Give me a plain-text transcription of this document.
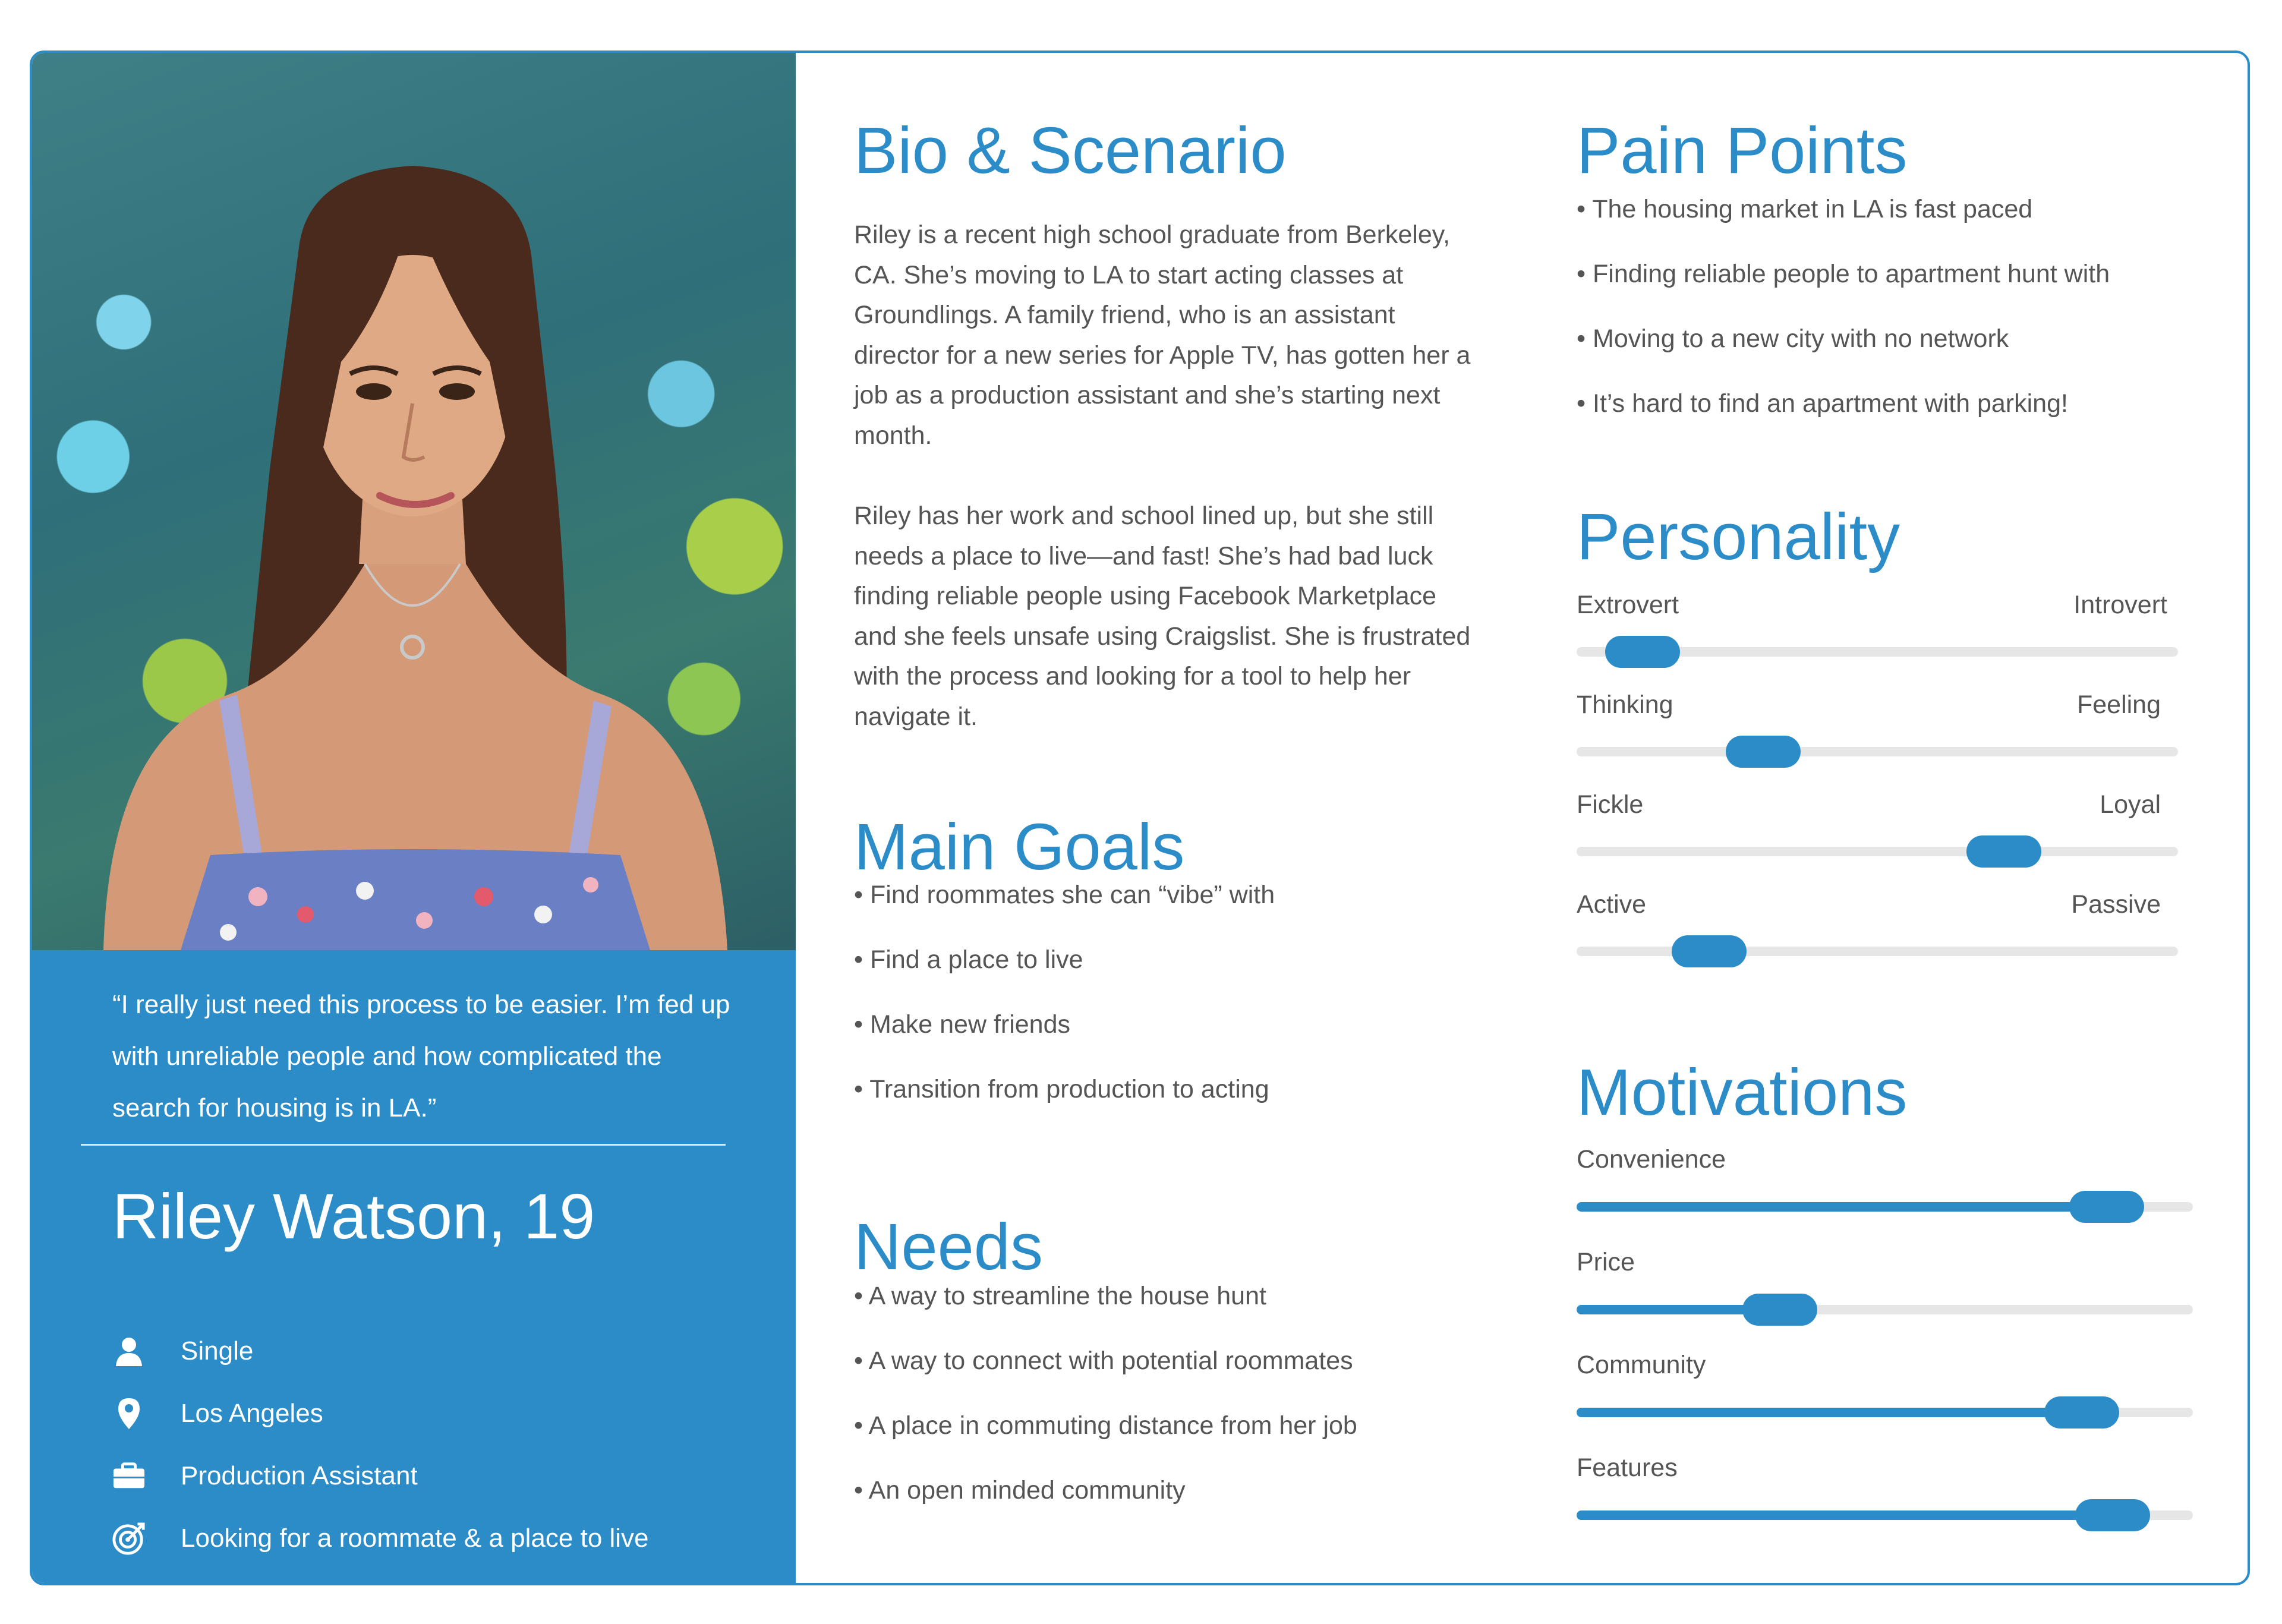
“I really just need this process to be easier. I’m fed up with unreliable people and how complicated the search for housing is in LA.”
Riley Watson, 19
Single
Los Angeles
Production Assistant
Looking for a roommate & a place to live
Bio & Scenario
Riley is a recent high school graduate from Berkeley, CA. She’s moving to LA to start acting classes at Groundlings. A family friend, who is an assistant director for a new series for Apple TV, has gotten her a job as a production assistant and she’s starting next month.
Riley has her work and school lined up, but she still needs a place to live—and fast! She’s had bad luck finding reliable people using Facebook Marketplace and she feels unsafe using Craigslist. She is frustrated with the process and looking for a tool to help her navigate it.
Main Goals
• Find roommates she can “vibe” with
• Find a place to live
• Make new friends
• Transition from production to acting
Needs
• A way to streamline the house hunt
• A way to connect with potential roommates
• A place in commuting distance from her job
• An open minded community
Pain Points
• The housing market in LA is fast paced
• Finding reliable people to apartment hunt with
• Moving to a new city with no network
• It’s hard to find an apartment with parking!
Personality
Extrovert	Introvert
Thinking	Feeling
Fickle	Loyal
Active	Passive
Motivations
Convenience
Price
Community
Features
